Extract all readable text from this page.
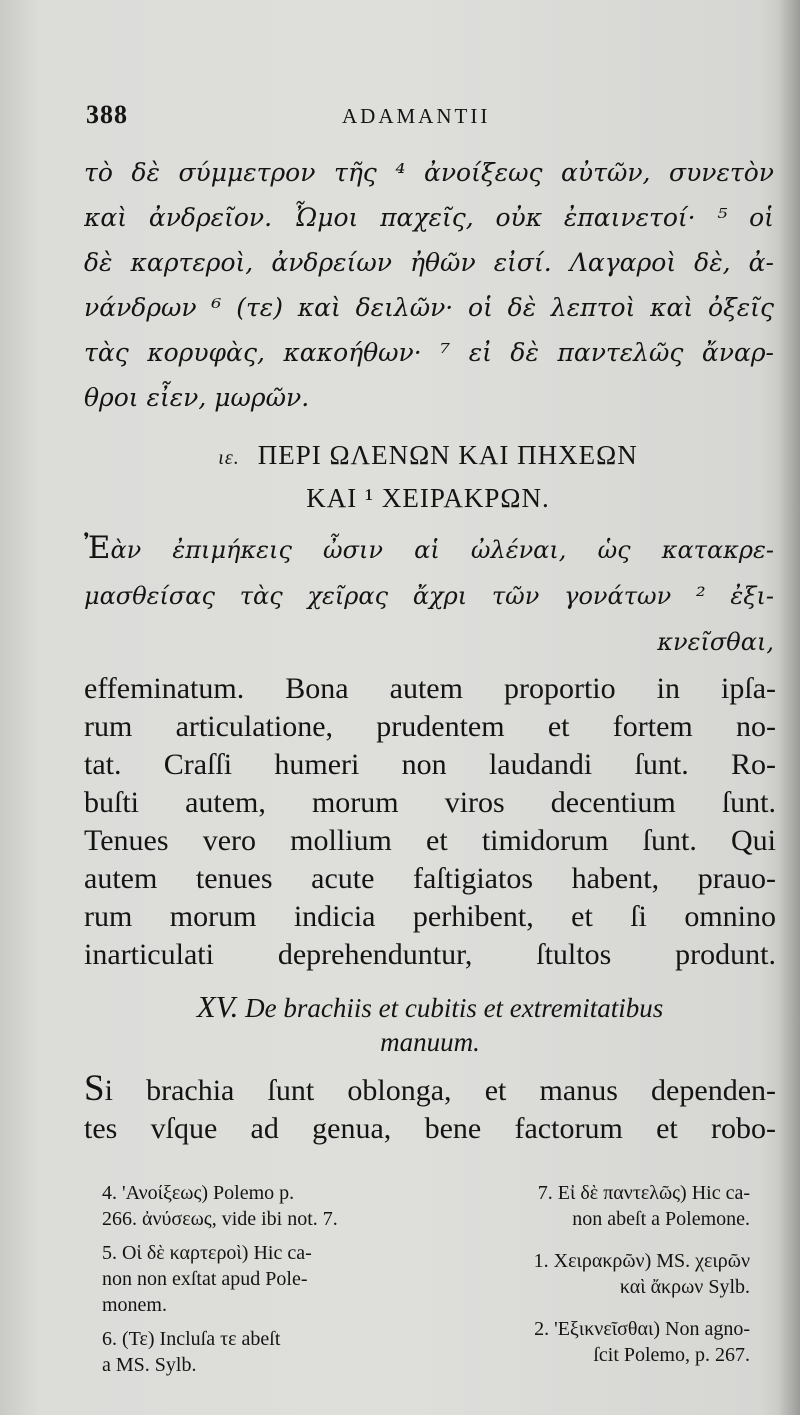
388	ADAMANTII
τὸ δὲ σύμμετρον τῆς ⁴ ἀνοίξεως αὐτῶν, συνετὸν
καὶ ἀνδρεῖον. Ὦμοι παχεῖς, οὐκ ἐπαινετοί· ⁵ οἱ
δὲ καρτεροὶ, ἀνδρείων ἠθῶν εἰσί. Λαγαροὶ δὲ, ἀ-
νάνδρων ⁶ (τε) καὶ δειλῶν· οἱ δὲ λεπτοὶ καὶ ὀξεῖς
τὰς κορυφὰς, κακοήθων· ⁷ εἰ δὲ παντελῶς ἄναρ-
θροι εἶεν, μωρῶν.
ιε. ΠΕΡΙ ΩΛΕΝΩΝ ΚΑΙ ΠΗΧΕΩΝ
ΚΑΙ ¹ ΧΕΙΡΑΚΡΩΝ.
Ἐὰν ἐπιμήκεις ὦσιν αἱ ὠλέναι, ὡς κατακρε-
μασθείσας τὰς χεῖρας ἄχρι τῶν γονάτων ² ἐξι-
κνεῖσθαι,
effeminatum. Bona autem proportio in ipſa-
rum articulatione, prudentem et fortem no-
tat. Craſſi humeri non laudandi ſunt. Ro-
buſti autem, morum viros decentium ſunt.
Tenues vero mollium et timidorum ſunt. Qui
autem tenues acute faſtigiatos habent, prauo-
rum morum indicia perhibent, et ſi omnino
inarticulati deprehenduntur, ſtultos produnt.
XV. De brachiis et cubitis et extremitatibus
manuum.
Si brachia ſunt oblonga, et manus dependen-
tes vſque ad genua, bene factorum et robo-
4. 'Ανοίξεως) Polemo p.
266. ἀνύσεως, vide ibi not. 7.
5. Οἱ δὲ καρτεροὶ) Hic ca-
non non exſtat apud Pole-
monem.
6. (Τε) Incluſa τε abeſt
a MS. Sylb.
7. Εἰ δὲ παντελῶς) Hic ca-
non abeſt a Polemone.
1. Χειρακρῶν) MS. χειρῶν
καὶ ἄκρων Sylb.
2. 'Εξικνεῖσθαι) Non agno-
ſcit Polemo, p. 267.
